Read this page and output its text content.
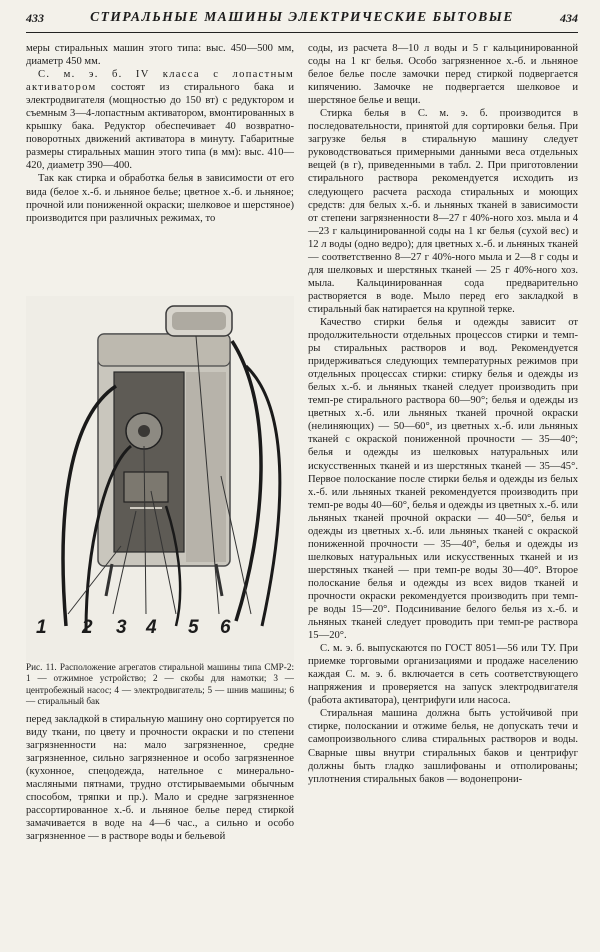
433	СТИРАЛЬНЫЕ МАШИНЫ ЭЛЕКТРИЧЕСКИЕ БЫТОВЫЕ	434

меры стиральных машин этого типа: выс. 450—500 мм, диаметр 450 мм.

С. м. э. б. IV класса с лопастным активатором состоят из стирального бака и электродвигателя (мощностью до 150 вт) с редуктором и съемным 3—4-лопастным активатором, вмонтированных в крышку бака. Редуктор обеспечивает 40 возвратно-поворотных движений активатора в минуту. Габаритные размеры стиральных машин этого типа (в мм): выс. 410—420, диаметр 390—400.

Так как стирка и обработка белья в зависимости от его вида (белое х.-б. и льняное белье; цветное х.-б. и льняное; прочной или пониженной окраски; шелковое и шерстяное) производится при различных режимах, то

1 2 3 4 5 6
Рис. 11. Расположение агрегатов стиральной машины типа СМР-2: 1 — отжимное устройство; 2 — скобы для намотки; 3 — центробежный насос; 4 — электродвигатель; 5 — шнив машины; 6 — стиральный бак

перед закладкой в стиральную машину оно сортируется по виду ткани, по цвету и прочности окраски и по степени загрязненности на: мало загрязненное, средне загрязненное, сильно загрязненное и особо загрязненное (кухонное, спецодежда, нательное с минерально-масляными пятнами, трудно отстирываемыми обычным способом, тряпки и пр.). Мало и средне загрязненное рассортированное х.-б. и льняное белье перед стиркой замачивается в воде на 4—6 час., а сильно и особо загрязненное — в растворе воды и бельевой

соды, из расчета 8—10 л воды и 5 г кальцинированной соды на 1 кг белья. Особо загрязненное х.-б. и льняное белое белье после замочки перед стиркой подвергается кипячению. Замочке не подвергается шелковое и шерстяное белье и вещи.

Стирка белья в С. м. э. б. производится в последовательности, принятой для сортировки белья. При загрузке белья в стиральную машину следует руководствоваться примерными данными веса отдельных вещей (в г), приведенными в табл. 2. При приготовлении стирального раствора рекомендуется исходить из следующего расчета расхода стиральных и моющих средств: для белых х.-б. и льняных тканей в зависимости от степени загрязненности 8—27 г 40%-ного хоз. мыла и 4—23 г кальцинированной соды на 1 кг белья (сухой вес) и 12 л воды (одно ведро); для цветных х.-б. и льняных тканей — соответственно 8—27 г 40%-ного мыла и 2—8 г соды и для шелковых и шерстяных тканей — 25 г 40%-ного хоз. мыла. Кальцинированная сода предварительно растворяется в воде. Мыло перед его закладкой в стиральный бак натирается на крупной терке.

Качество стирки белья и одежды зависит от продолжительности отдельных процессов стирки и темп-ры стиральных растворов и вод. Рекомендуется придерживаться следующих температурных режимов при отдельных процессах стирки: стирку белья и одежды из белых х.-б. и льняных тканей следует производить при темп-ре стирального раствора 60—90°; белья и одежды из цветных х.-б. или льняных тканей прочной окраски (нелиняющих) — 50—60°, из цветных х.-б. или льняных тканей с окраской пониженной прочности — 35—40°; белья и одежды из шелковых натуральных или искусственных тканей и из шерстяных тканей — 35—45°. Первое полоскание после стирки белья и одежды из белых х.-б. или льняных тканей рекомендуется производить при темп-ре воды 40—60°, белья и одежды из цветных х.-б. или льняных тканей прочной окраски — 40—50°, белья и одежды из цветных х.-б. или льняных тканей с окраской пониженной прочности — 35—40°, белья и одежды из шелковых натуральных или искусственных тканей и из шерстяных тканей — при темп-ре воды 30—40°. Второе полоскание белья и одежды из всех видов тканей и прочности окраски рекомендуется производить при темп-ре воды 15—20°. Подсинивание белого белья из х.-б. и льняных тканей следует проводить при темп-ре раствора 15—20°.

С. м. э. б. выпускаются по ГОСТ 8051—56 или ТУ. При приемке торговыми организациями и продаже населению каждая С. м. э. б. включается в сеть соответствующего напряжения и проверяется на запуск электродвигателя (работа активатора), центрифуги или насоса.

Стиральная машина должна быть устойчивой при стирке, полоскании и отжиме белья, не допускать течи и самопроизвольного слива стиральных растворов и воды. Сварные швы внутри стиральных баков и центрифуг должны быть гладко зашлифованы и отполированы; уплотнения стиральных баков — водонепрони-
